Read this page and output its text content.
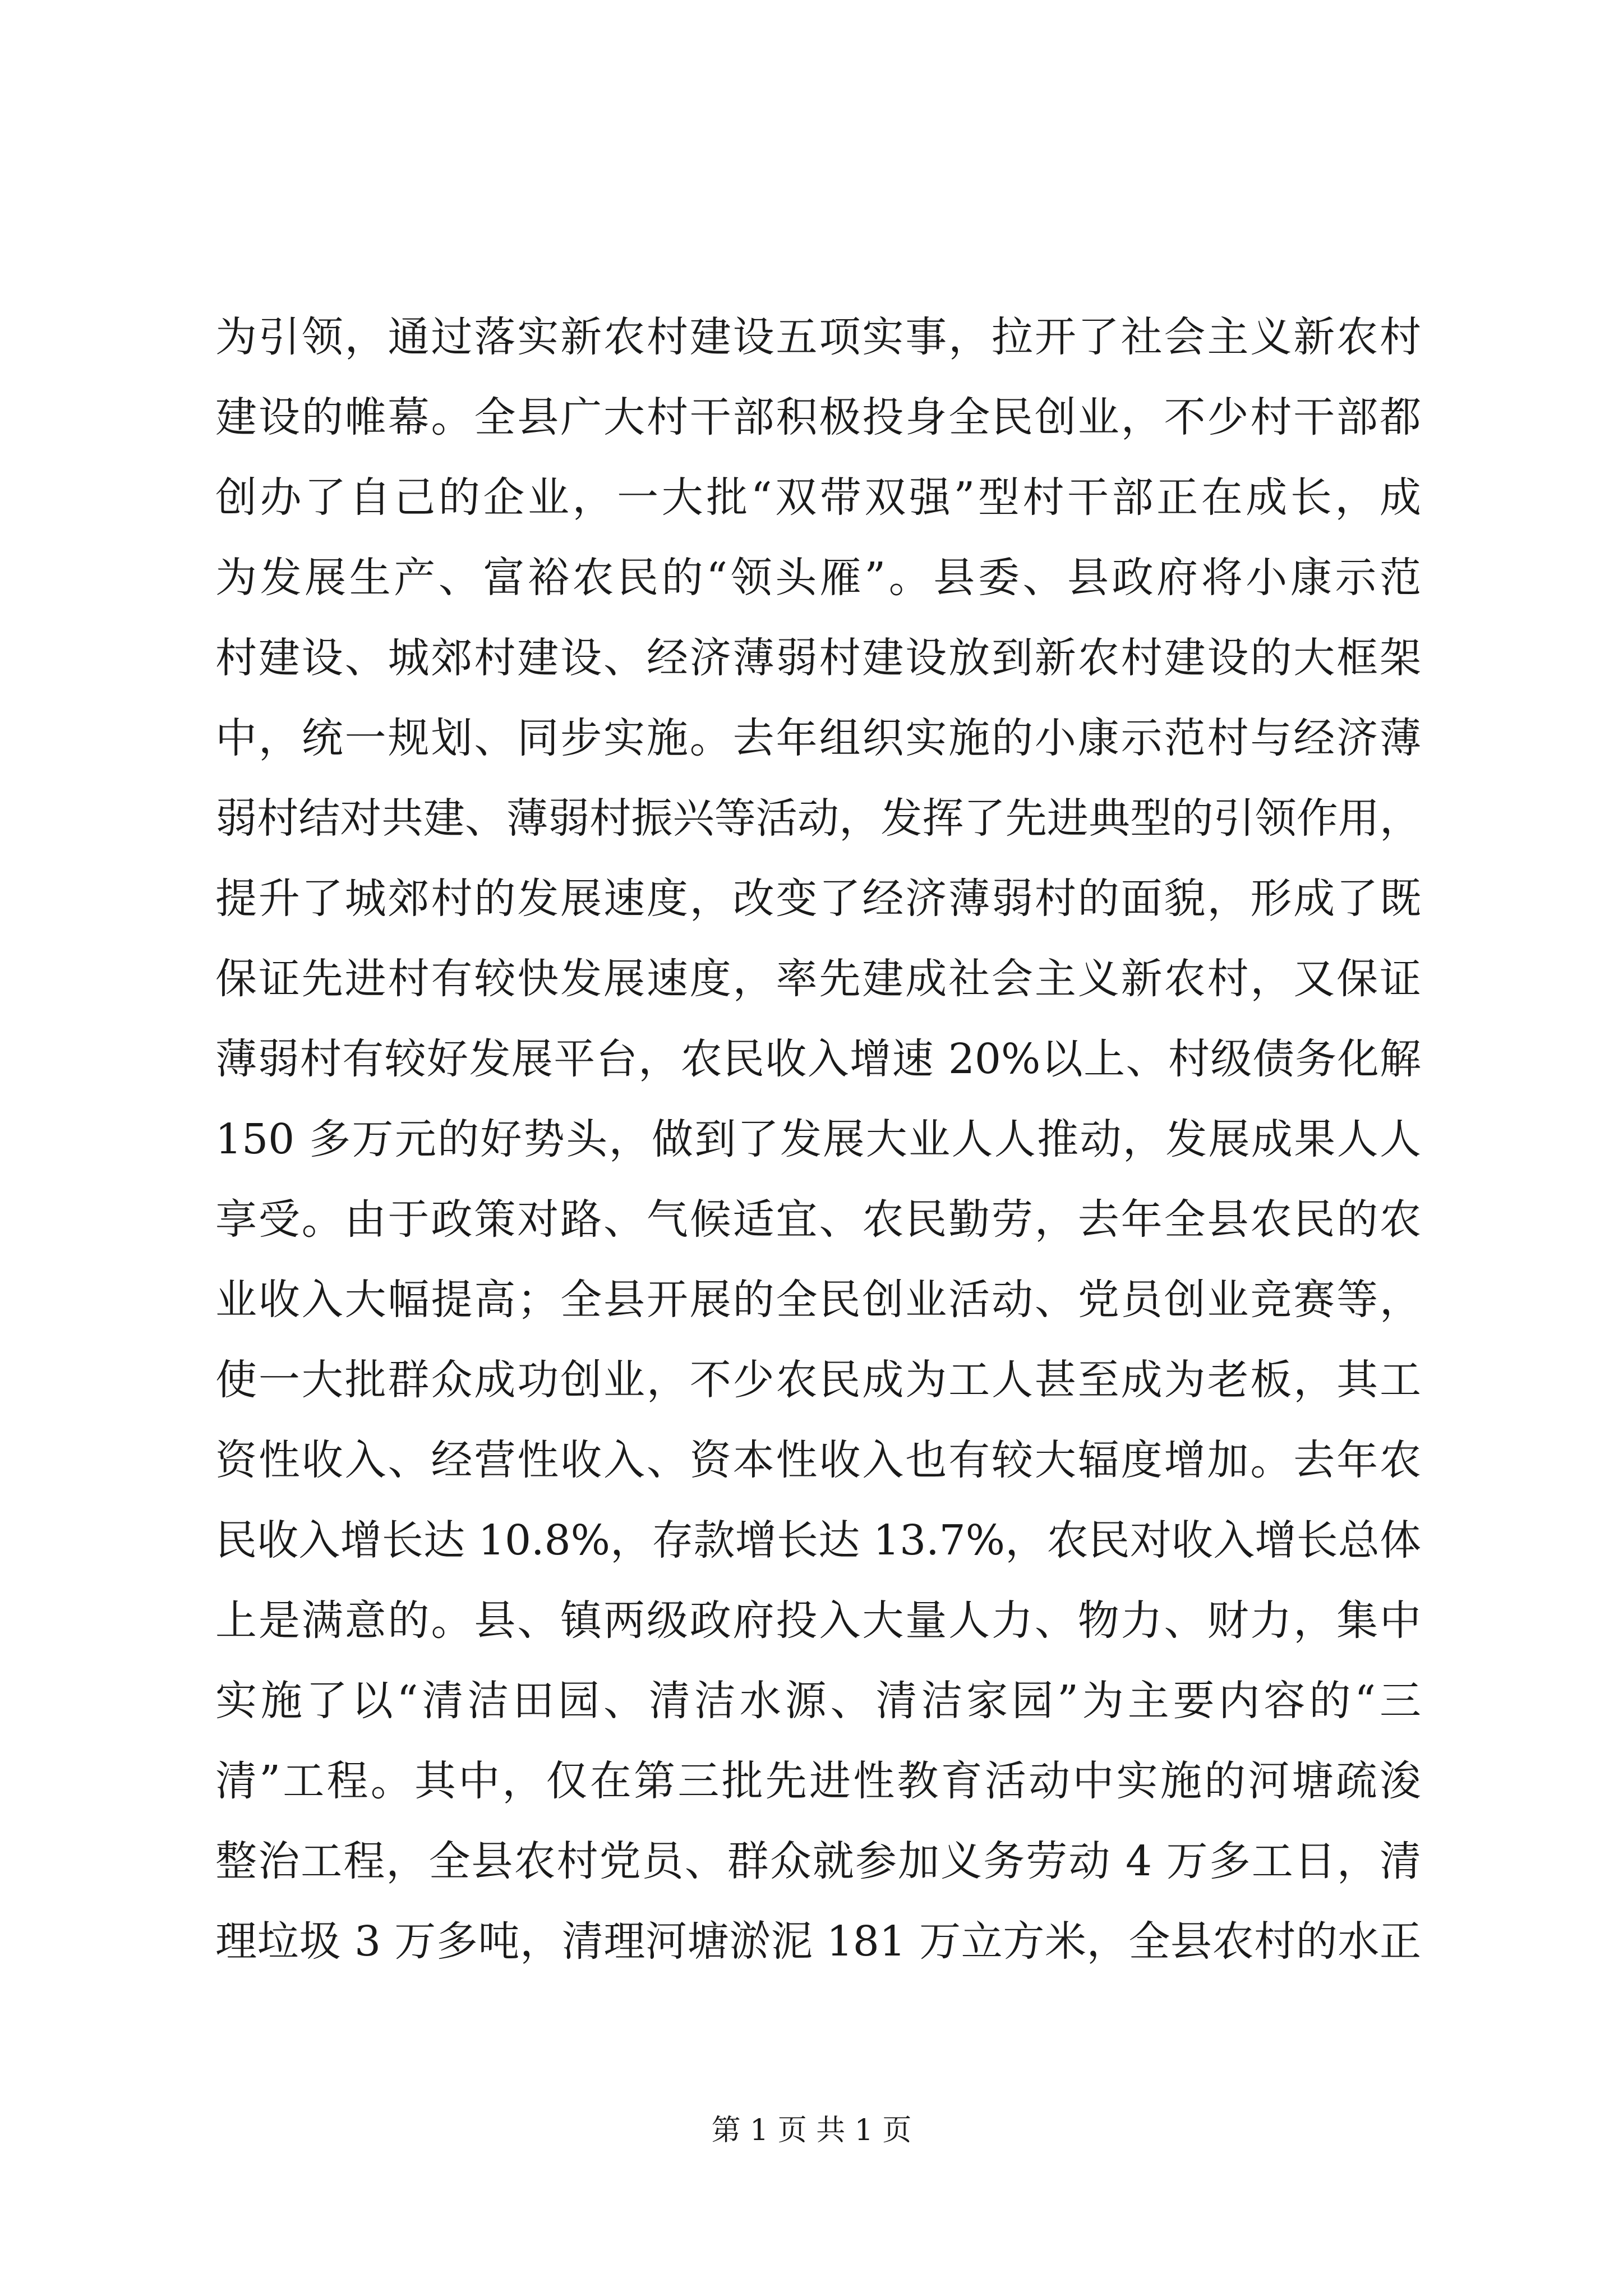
为引领，通过落实新农村建设五项实事，拉开了社会主义新农村
建设的帷幕。全县广大村干部积极投身全民创业，不少村干部都
创办了自己的企业，一大批“双带双强”型村干部正在成长，成
为发展生产、富裕农民的“领头雁”。县委、县政府将小康示范
村建设、城郊村建设、经济薄弱村建设放到新农村建设的大框架
中，统一规划、同步实施。去年组织实施的小康示范村与经济薄
弱村结对共建、薄弱村振兴等活动，发挥了先进典型的引领作用，
提升了城郊村的发展速度，改变了经济薄弱村的面貌，形成了既
保证先进村有较快发展速度，率先建成社会主义新农村，又保证
薄弱村有较好发展平台，农民收入增速 20%以上、村级债务化解
150 多万元的好势头，做到了发展大业人人推动，发展成果人人
享受。由于政策对路、气候适宜、农民勤劳，去年全县农民的农
业收入大幅提高；全县开展的全民创业活动、党员创业竞赛等，
使一大批群众成功创业，不少农民成为工人甚至成为老板，其工
资性收入、经营性收入、资本性收入也有较大辐度增加。去年农
民收入增长达 10.8%，存款增长达 13.7%，农民对收入增长总体
上是满意的。县、镇两级政府投入大量人力、物力、财力，集中
实施了以“清洁田园、清洁水源、清洁家园”为主要内容的“三
清”工程。其中，仅在第三批先进性教育活动中实施的河塘疏浚
整治工程，全县农村党员、群众就参加义务劳动 4 万多工日，清
理垃圾 3 万多吨，清理河塘淤泥 181 万立方米，全县农村的水正
第 1 页 共 1 页
